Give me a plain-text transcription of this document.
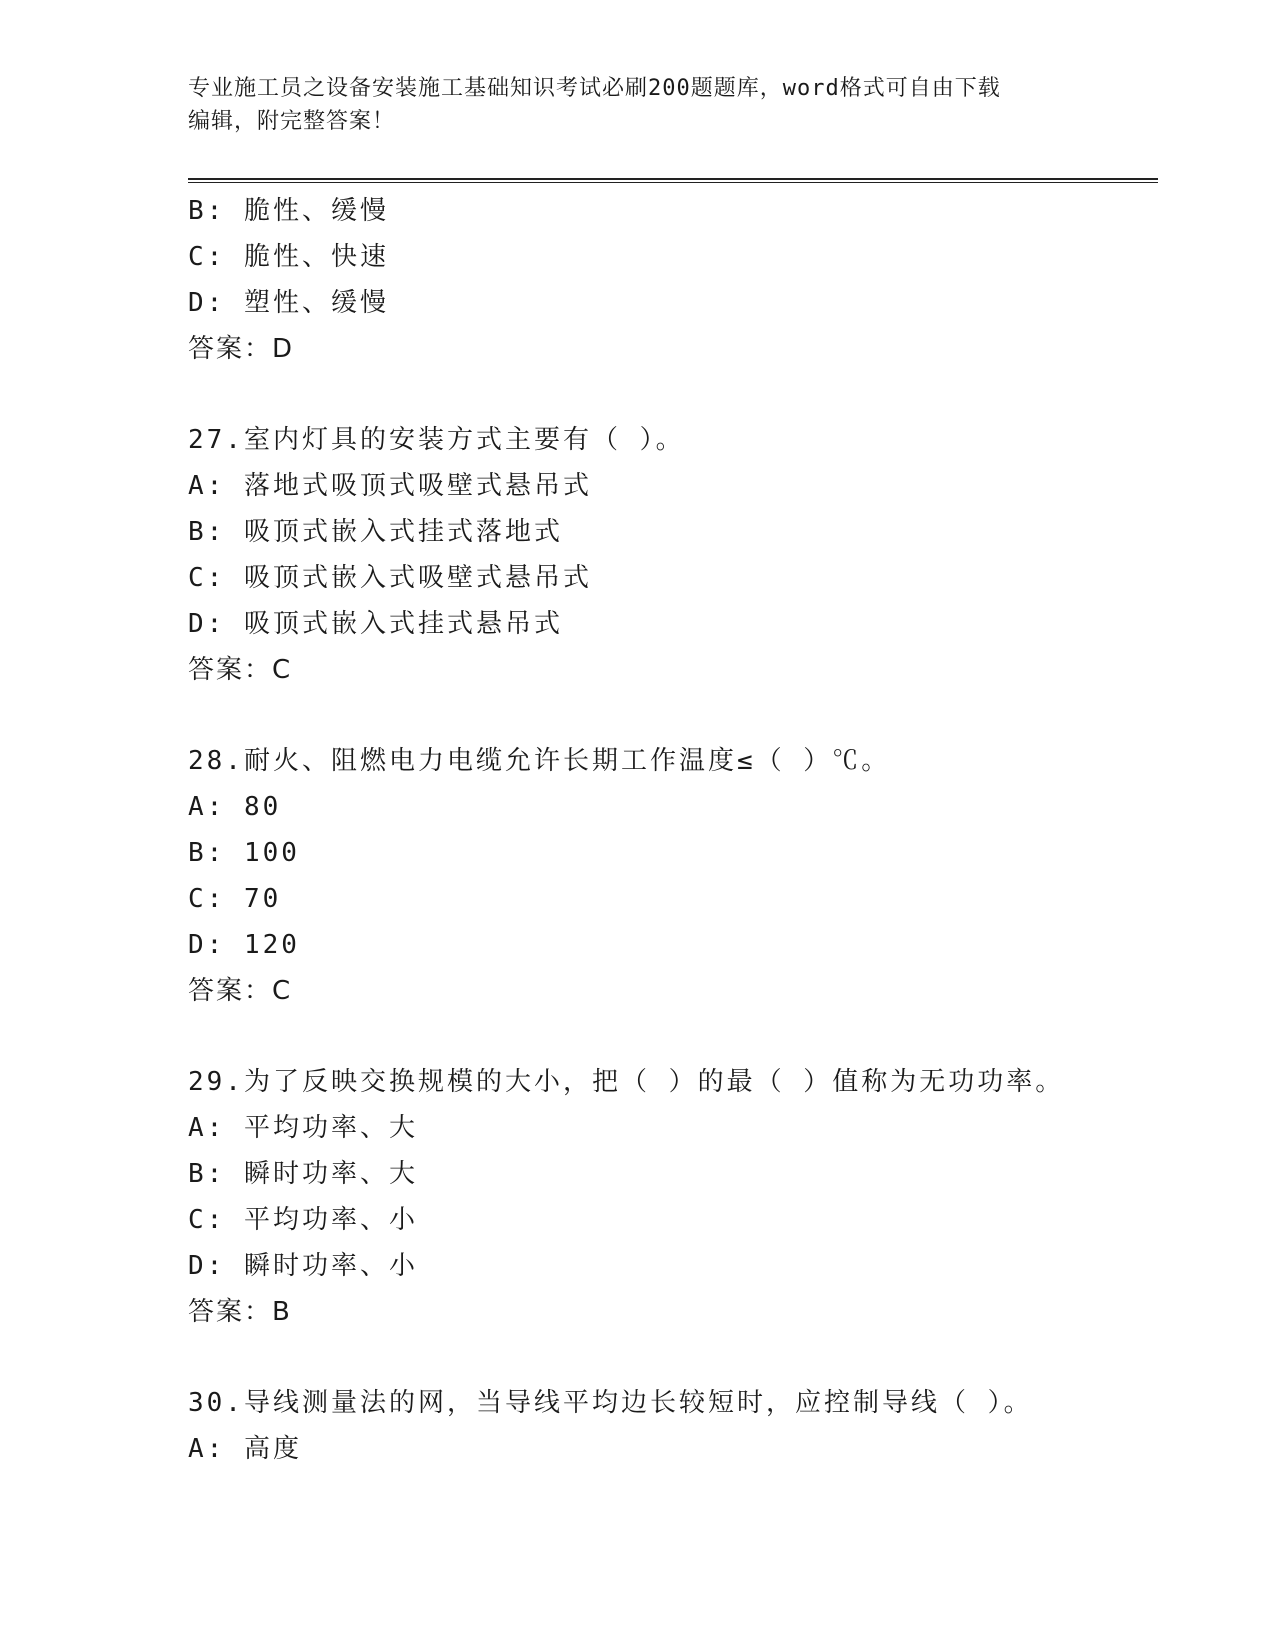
专业施工员之设备安装施工基础知识考试必刷200题题库，word格式可自由下载
编辑，附完整答案！
B: 脆性、缓慢
C: 脆性、快速
D: 塑性、缓慢
答案：D
27.室内灯具的安装方式主要有（ ）。
A: 落地式吸顶式吸壁式悬吊式
B: 吸顶式嵌入式挂式落地式
C: 吸顶式嵌入式吸壁式悬吊式
D: 吸顶式嵌入式挂式悬吊式
答案：C
28.耐火、阻燃电力电缆允许长期工作温度≤（ ）℃。
A: 80
B: 100
C: 70
D: 120
答案：C
29.为了反映交换规模的大小，把（ ）的最（ ）值称为无功功率。
A: 平均功率、大
B: 瞬时功率、大
C: 平均功率、小
D: 瞬时功率、小
答案：B
30.导线测量法的网，当导线平均边长较短时，应控制导线（ ）。
A: 高度
